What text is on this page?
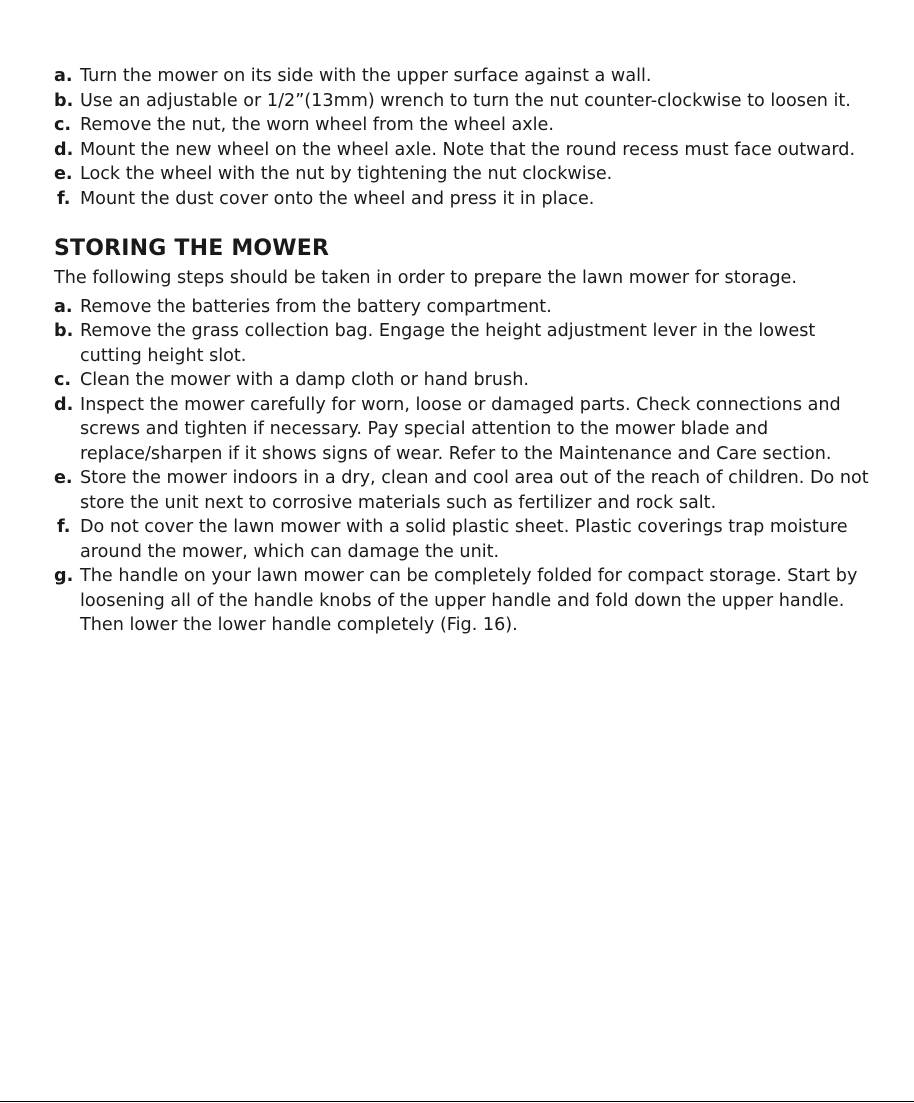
a. Turn the mower on its side with the upper surface against a wall.
b. Use an adjustable or 1/2”(13mm) wrench to turn the nut counter-clockwise to loosen it.
c. Remove the nut, the worn wheel from the wheel axle.
d. Mount the new wheel on the wheel axle. Note that the round recess must face outward.
e. Lock the wheel with the nut by tightening the nut clockwise.
f. Mount the dust cover onto the wheel and press it in place.
STORING THE MOWER

The following steps should be taken in order to prepare the lawn mower for storage.

a. Remove the batteries from the battery compartment.
b. Remove the grass collection bag. Engage the height adjustment lever in the lowest cutting height slot.
c. Clean the mower with a damp cloth or hand brush.
d. Inspect the mower carefully for worn, loose or damaged parts. Check connections and screws and tighten if necessary. Pay special attention to the mower blade and replace/sharpen if it shows signs of wear. Refer to the Maintenance and Care section.
e. Store the mower indoors in a dry, clean and cool area out of the reach of children. Do not store the unit next to corrosive materials such as fertilizer and rock salt.
f. Do not cover the lawn mower with a solid plastic sheet. Plastic coverings trap moisture around the mower, which can damage the unit.
g. The handle on your lawn mower can be completely folded for compact storage. Start by loosening all of the handle knobs of the upper handle and fold down the upper handle. Then lower the lower handle completely (Fig. 16).
